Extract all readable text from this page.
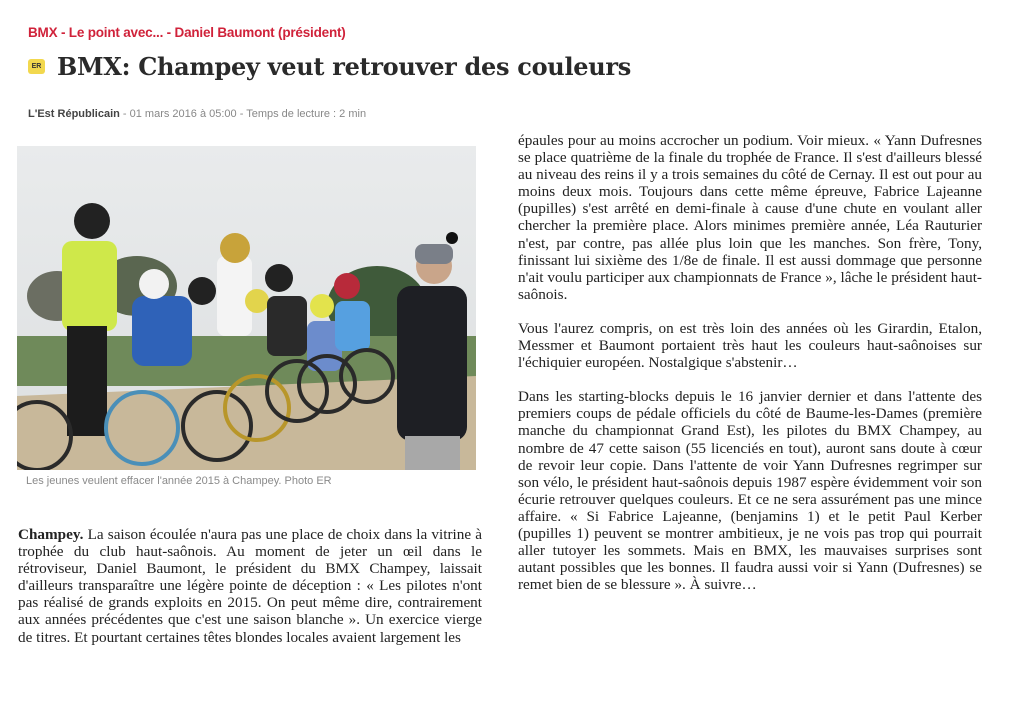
BMX - Le point avec... - Daniel Baumont (président)
ER BMX: Champey veut retrouver des couleurs
L'Est Républicain - 01 mars 2016 à 05:00 - Temps de lecture : 2 min
Les jeunes veulent effacer l'année 2015 à Champey. Photo ER

Champey. La saison écoulée n'aura pas une place de choix dans la vitrine à trophée du club haut-saônois. Au moment de jeter un œil dans le rétroviseur, Daniel Baumont, le président du BMX Champey, laissait d'ailleurs transparaître une légère pointe de déception : « Les pilotes n'ont pas réalisé de grands exploits en 2015. On peut même dire, contrairement aux années précédentes que c'est une saison blanche ». Un exercice vierge de titres. Et pourtant certaines têtes blondes locales avaient largement les

épaules pour au moins accrocher un podium. Voir mieux. « Yann Dufresnes se place quatrième de la finale du trophée de France. Il s'est d'ailleurs blessé au niveau des reins il y a trois semaines du côté de Cernay. Il est out pour au moins deux mois. Toujours dans cette même épreuve, Fabrice Lajeanne (pupilles) s'est arrêté en demi-finale à cause d'une chute en voulant aller chercher la première place. Alors minimes première année, Léa Rauturier n'est, par contre, pas allée plus loin que les manches. Son frère, Tony, finissant lui sixième des 1/8e de finale. Il est aussi dommage que personne n'ait voulu participer aux championnats de France », lâche le président haut-saônois.

Vous l'aurez compris, on est très loin des années où les Girardin, Etalon, Messmer et Baumont portaient très haut les couleurs haut-saônoises sur l'échiquier européen. Nostalgique s'abstenir…

Dans les starting-blocks depuis le 16 janvier dernier et dans l'attente des premiers coups de pédale officiels du côté de Baume-les-Dames (première manche du championnat Grand Est), les pilotes du BMX Champey, au nombre de 47 cette saison (55 licenciés en tout), auront sans doute à cœur de revoir leur copie. Dans l'attente de voir Yann Dufresnes regrimper sur son vélo, le président haut-saônois depuis 1987 espère évidemment voir son écurie retrouver quelques couleurs. Et ce ne sera assurément pas une mince affaire. « Si Fabrice Lajeanne, (benjamins 1) et le petit Paul Kerber (pupilles 1) peuvent se montrer ambitieux, je ne vois pas trop qui pourrait aller tutoyer les sommets. Mais en BMX, les mauvaises surprises sont autant possibles que les bonnes. Il faudra aussi voir si Yann (Dufresnes) se remet bien de se blessure ». À suivre…
